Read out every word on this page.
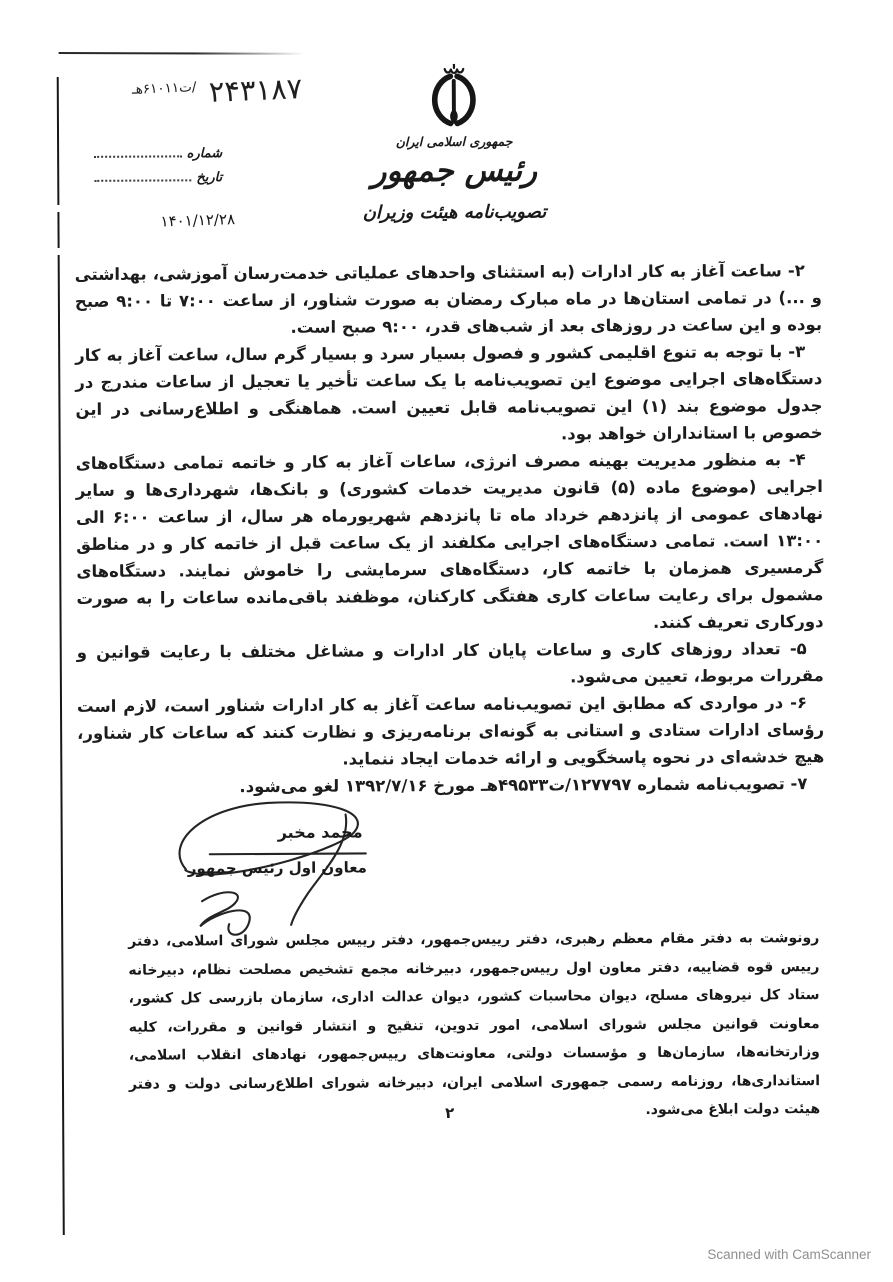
۲۴۳۱۸۷
/ت۶۱۰۱۱هـ
شماره
تاریخ
۱۴۰۱/۱۲/۲۸
جمهوری اسلامی ایران
رئیس جمهور
تصویب‌نامه هیئت وزیران

۲- ساعت آغاز به کار ادارات (به استثنای واحدهای عملیاتی خدمت‌رسان آموزشی، بهداشتی و ...) در تمامی استان‌ها در ماه مبارک رمضان به صورت شناور، از ساعت ۷:۰۰ تا ۹:۰۰ صبح بوده و این ساعت در روزهای بعد از شب‌های قدر، ۹:۰۰ صبح است.

۳- با توجه به تنوع اقلیمی کشور و فصول بسیار سرد و بسیار گرم سال، ساعت آغاز به کار دستگاه‌های اجرایی موضوع این تصویب‌نامه با یک ساعت تأخیر یا تعجیل از ساعات مندرج در جدول موضوع بند (۱) این تصویب‌نامه قابل تعیین است. هماهنگی و اطلاع‌رسانی در این خصوص با استانداران خواهد بود.

۴- به منظور مدیریت بهینه مصرف انرژی، ساعات آغاز به کار و خاتمه تمامی دستگاه‌های اجرایی (موضوع ماده (۵) قانون مدیریت خدمات کشوری) و بانک‌ها، شهرداری‌ها و سایر نهادهای عمومی از پانزدهم خرداد ماه تا پانزدهم شهریورماه هر سال، از ساعت ۶:۰۰ الی ۱۳:۰۰ است. تمامی دستگاه‌های اجرایی مکلفند از یک ساعت قبل از خاتمه کار و در مناطق گرمسیری همزمان با خاتمه کار، دستگاه‌های سرمایشی را خاموش نمایند. دستگاه‌های مشمول برای رعایت ساعات کاری هفتگی کارکنان، موظفند باقی‌مانده ساعات را به صورت دورکاری تعریف کنند.

۵- تعداد روزهای کاری و ساعات پایان کار ادارات و مشاغل مختلف با رعایت قوانین و مقررات مربوط، تعیین می‌شود.

۶- در مواردی که مطابق این تصویب‌نامه ساعت آغاز به کار ادارات شناور است، لازم است رؤسای ادارات ستادی و استانی به گونه‌ای برنامه‌ریزی و نظارت کنند که ساعات کار شناور، هیچ خدشه‌ای در نحوه پاسخگویی و ارائه خدمات ایجاد ننماید.

۷- تصویب‌نامه شماره ۱۲۷۷۹۷/ت۴۹۵۳۳هـ مورخ ۱۳۹۲/۷/۱۶ لغو می‌شود.

محمد مخبر
معاون اول رئیس جمهور

رونوشت به دفتر مقام معظم رهبری، دفتر رییس‌جمهور، دفتر رییس مجلس شورای اسلامی، دفتر رییس قوه قضاییه، دفتر معاون اول رییس‌جمهور، دبیرخانه مجمع تشخیص مصلحت نظام، دبیرخانه ستاد کل نیروهای مسلح، دیوان محاسبات کشور، دیوان عدالت اداری، سازمان بازرسی کل کشور، معاونت قوانین مجلس شورای اسلامی، امور تدوین، تنقیح و انتشار قوانین و مقررات، کلیه وزارتخانه‌ها، سازمان‌ها و مؤسسات دولتی، معاونت‌های رییس‌جمهور، نهادهای انقلاب اسلامی، استانداری‌ها، روزنامه رسمی جمهوری اسلامی ایران، دبیرخانه شورای اطلاع‌رسانی دولت و دفتر هیئت دولت ابلاغ می‌شود.

۲
Scanned with CamScanner
